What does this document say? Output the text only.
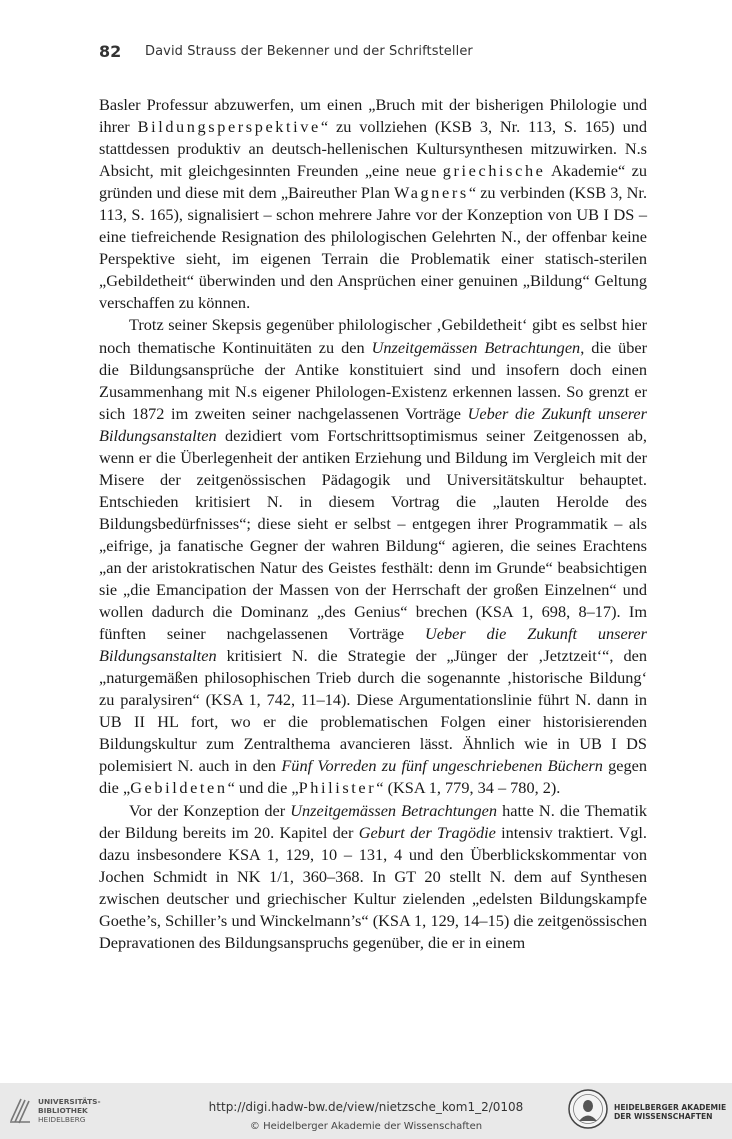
82 David Strauss der Bekenner und der Schriftsteller

Basler Professur abzuwerfen, um einen „Bruch mit der bisherigen Philologie und ihrer Bildungsperspektive“ zu vollziehen (KSB 3, Nr. 113, S. 165) und stattdessen produktiv an deutsch-hellenischen Kultursynthesen mitzuwirken. N.s Absicht, mit gleichgesinnten Freunden „eine neue griechische Akademie“ zu gründen und diese mit dem „Baireuther Plan Wagners“ zu verbinden (KSB 3, Nr. 113, S. 165), signalisiert – schon mehrere Jahre vor der Konzeption von UB I DS – eine tiefreichende Resignation des philologischen Gelehrten N., der offenbar keine Perspektive sieht, im eigenen Terrain die Problematik einer statisch-sterilen „Gebildetheit“ überwinden und den Ansprüchen einer genuinen „Bildung“ Geltung verschaffen zu können.

Trotz seiner Skepsis gegenüber philologischer ‚Gebildetheit‘ gibt es selbst hier noch thematische Kontinuitäten zu den Unzeitgemässen Betrachtungen, die über die Bildungsansprüche der Antike konstituiert sind und insofern doch einen Zusammenhang mit N.s eigener Philologen-Existenz erkennen lassen. So grenzt er sich 1872 im zweiten seiner nachgelassenen Vorträge Ueber die Zukunft unserer Bildungsanstalten dezidiert vom Fortschrittsoptimismus seiner Zeitgenossen ab, wenn er die Überlegenheit der antiken Erziehung und Bildung im Vergleich mit der Misere der zeitgenössischen Pädagogik und Universitätskultur behauptet. Entschieden kritisiert N. in diesem Vortrag die „lauten Herolde des Bildungsbedürfnisses“; diese sieht er selbst – entgegen ihrer Programmatik – als „eifrige, ja fanatische Gegner der wahren Bildung“ agieren, die seines Erachtens „an der aristokratischen Natur des Geistes festhält: denn im Grunde“ beabsichtigen sie „die Emancipation der Massen von der Herrschaft der großen Einzelnen“ und wollen dadurch die Dominanz „des Genius“ brechen (KSA 1, 698, 8–17). Im fünften seiner nachgelassenen Vorträge Ueber die Zukunft unserer Bildungsanstalten kritisiert N. die Strategie der „Jünger der ‚Jetztzeit‘“, den „naturgemäßen philosophischen Trieb durch die sogenannte ‚historische Bildung‘ zu paralysiren“ (KSA 1, 742, 11–14). Diese Argumentationslinie führt N. dann in UB II HL fort, wo er die problematischen Folgen einer historisierenden Bildungskultur zum Zentralthema avancieren lässt. Ähnlich wie in UB I DS polemisiert N. auch in den Fünf Vorreden zu fünf ungeschriebenen Büchern gegen die „Gebildeten“ und die „Philister“ (KSA 1, 779, 34 – 780, 2).

Vor der Konzeption der Unzeitgemässen Betrachtungen hatte N. die Thematik der Bildung bereits im 20. Kapitel der Geburt der Tragödie intensiv traktiert. Vgl. dazu insbesondere KSA 1, 129, 10 – 131, 4 und den Überblickskommentar von Jochen Schmidt in NK 1/1, 360–368. In GT 20 stellt N. dem auf Synthesen zwischen deutscher und griechischer Kultur zielenden „edelsten Bildungskampfe Goethe’s, Schiller’s und Winckelmann’s“ (KSA 1, 129, 14–15) die zeitgenössischen Depravationen des Bildungsanspruchs gegenüber, die er in einem

UNIVERSITÄTS-
BIBLIOTHEK
HEIDELBERG
http://digi.hadw-bw.de/view/nietzsche_kom1_2/0108
© Heidelberger Akademie der Wissenschaften
HEIDELBERGER AKADEMIE
DER WISSENSCHAFTEN
